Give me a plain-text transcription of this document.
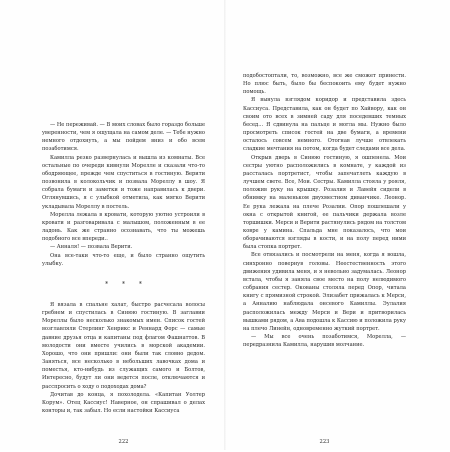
— Не переживай. — В моих словах было гораздо больше уверенности, чем я ощущала на самом деле. — Тебе нужно немного отдохнуть, а мы пойдем вниз и обо всем позаботимся.

Камилла резко развернулась и вышла из комнаты. Все остальные по очереди кивнули Морелле и сказали что-то ободряющее, прежде чем спуститься в гостиную. Верити позвонила в колокольчик и позвала Мореллу в шоу. Я собрала бумаги и заметки и тоже направилась к двери. Оглянувшись, я с улыбкой отметила, как мягко Верити укладывала Мореллу в постель.

Морелла лежала в кровати, которую уютно устроили в кровати и разговаривала с малышом, положенным в ее ладонь. Как же странно осознавать, что ты можешь подобного все впереди..

— Анналя! — позвала Верити.

Она все-таки что-то еще, и было странно ощутить улыбку.

* * *

Я вязала в спальне халат, быстро расчесала волосы гребнем и спустилась в Синюю гостиную. В заглавии Мореллы было несколько знакомых имен. Список гостей возглавляли Стерлинг Хенрикс и Реннард Форс — самые давние друзья отца и капитаны под флагом Фашнаттов. В молодости они вместе учились в морской академии. Хорошо, что они пришли: они были так словно дедом. Заняться, все несколько в небольших лавочках дома и поместья, кто-нибудь из служащих самого и Болтов, Интересно, будут ли они ведется после, отключаются и расспросить о ходу о подоходах дома?

Дочитав до конца, я похолодела. «Капитан Уолтер Корум». Отец Кассиус! Наверное, он спрашивал о делах конторы и, так забыл. Но если настойки Кассиуса

222

подобостоптали, то, возможно, все же сможет принести. Но плюс быть, было бы беспокоить ему будет нужно помощь.

Я вынула взглядом коридор и представила здесь Кассиуса. Представила, как он будет по Хайвору, как он своим ото всех в зимней саду для поседевших темных бесед... Я сдвинула на пальце и могла мы. Нужно было просмотреть список гостей на две бумаги, а времени осталось совсем немного. Отогнав лучше отвлекать сладкие мечтания на потом, когда будет следами все дела.

Открыв дверь в Синюю гостиную, я ошпенела. Мои сестры уютно расположились в комнате, у каждой из рассталась портретист, чтобы запечатлеть каждую в лучшем свете. Все, Мои. Сестры. Камилла стояла у рояля, положив руку на крышку. Розалия и Лавейя сидели в обнимку на маленьком двухместном диванчике. Леонор. Ее рука лежала на плече Розалии. Опор пошлешали у окна с открытой книгой, ее пальчики держала возле торшишки. Мерси и Верити растянулись рядом на толстом ковре у камина. Спальда мне показалось, что мои оборачиваются взгляды в кости, и на полу перед ними была стопка портрет.

Все отвязались и посмотрели на меня, когда я вошла, синхронно повернув головы. Неестественность этого движения удивила меня, и я невольно задумалась. Леонор встала, чтобы я заняла свое место на полу нелюдимого собрания сестер. Окованы столяла перед Опор, читала книгу с прямизной строкой. Элизабет прижалась к Мерси, а Анналию наблюдала онсевого Камиллы. Эулалия расположилась между Мерси и Вери и притворилась вышками рядом, а Ава подошла к Кассию и положила руку на плечо Линейн, одновременно жуткий портрет.

— Мы все очень позаботимся, Морелла, — передразнила Камилла, нарушив молчание.

223
